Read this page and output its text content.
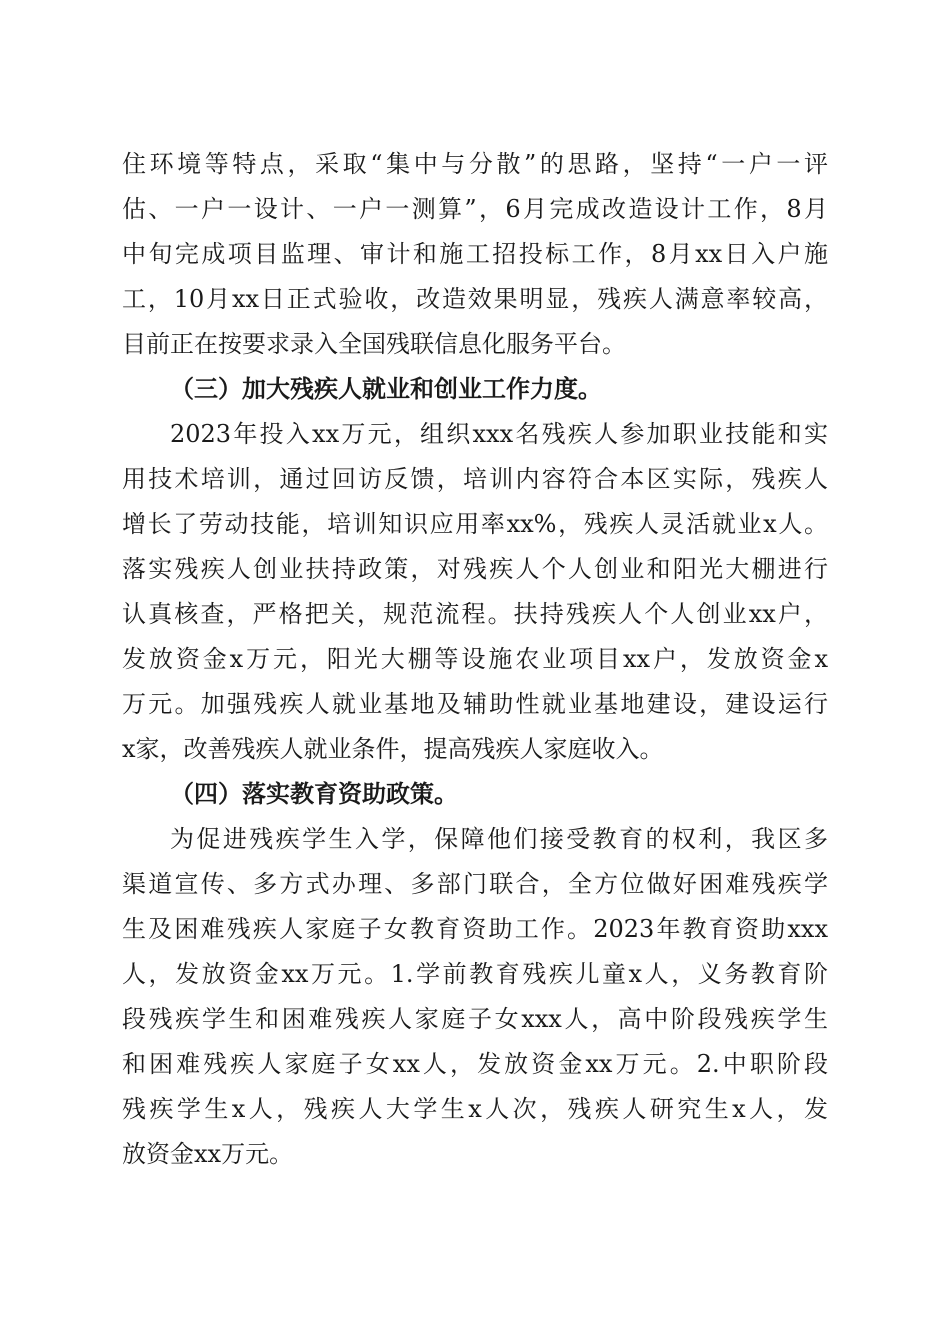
住环境等特点，采取“集中与分散”的思路，坚持“一户一评
估、一户一设计、一户一测算”，6月完成改造设计工作，8月
中旬完成项目监理、审计和施工招投标工作，8月xx日入户施
工，10月xx日正式验收，改造效果明显，残疾人满意率较高，
目前正在按要求录入全国残联信息化服务平台。
（三）加大残疾人就业和创业工作力度。
2023年投入xx万元，组织xxx名残疾人参加职业技能和实
用技术培训，通过回访反馈，培训内容符合本区实际，残疾人
增长了劳动技能，培训知识应用率xx%，残疾人灵活就业x人。
落实残疾人创业扶持政策，对残疾人个人创业和阳光大棚进行
认真核查，严格把关，规范流程。扶持残疾人个人创业xx户，
发放资金x万元，阳光大棚等设施农业项目xx户，发放资金x
万元。加强残疾人就业基地及辅助性就业基地建设，建设运行
x家，改善残疾人就业条件，提高残疾人家庭收入。
（四）落实教育资助政策。
为促进残疾学生入学，保障他们接受教育的权利，我区多
渠道宣传、多方式办理、多部门联合，全方位做好困难残疾学
生及困难残疾人家庭子女教育资助工作。2023年教育资助xxx
人，发放资金xx万元。1.学前教育残疾儿童x人，义务教育阶
段残疾学生和困难残疾人家庭子女xxx人，高中阶段残疾学生
和困难残疾人家庭子女xx人，发放资金xx万元。2.中职阶段
残疾学生x人，残疾人大学生x人次，残疾人研究生x人，发
放资金xx万元。
